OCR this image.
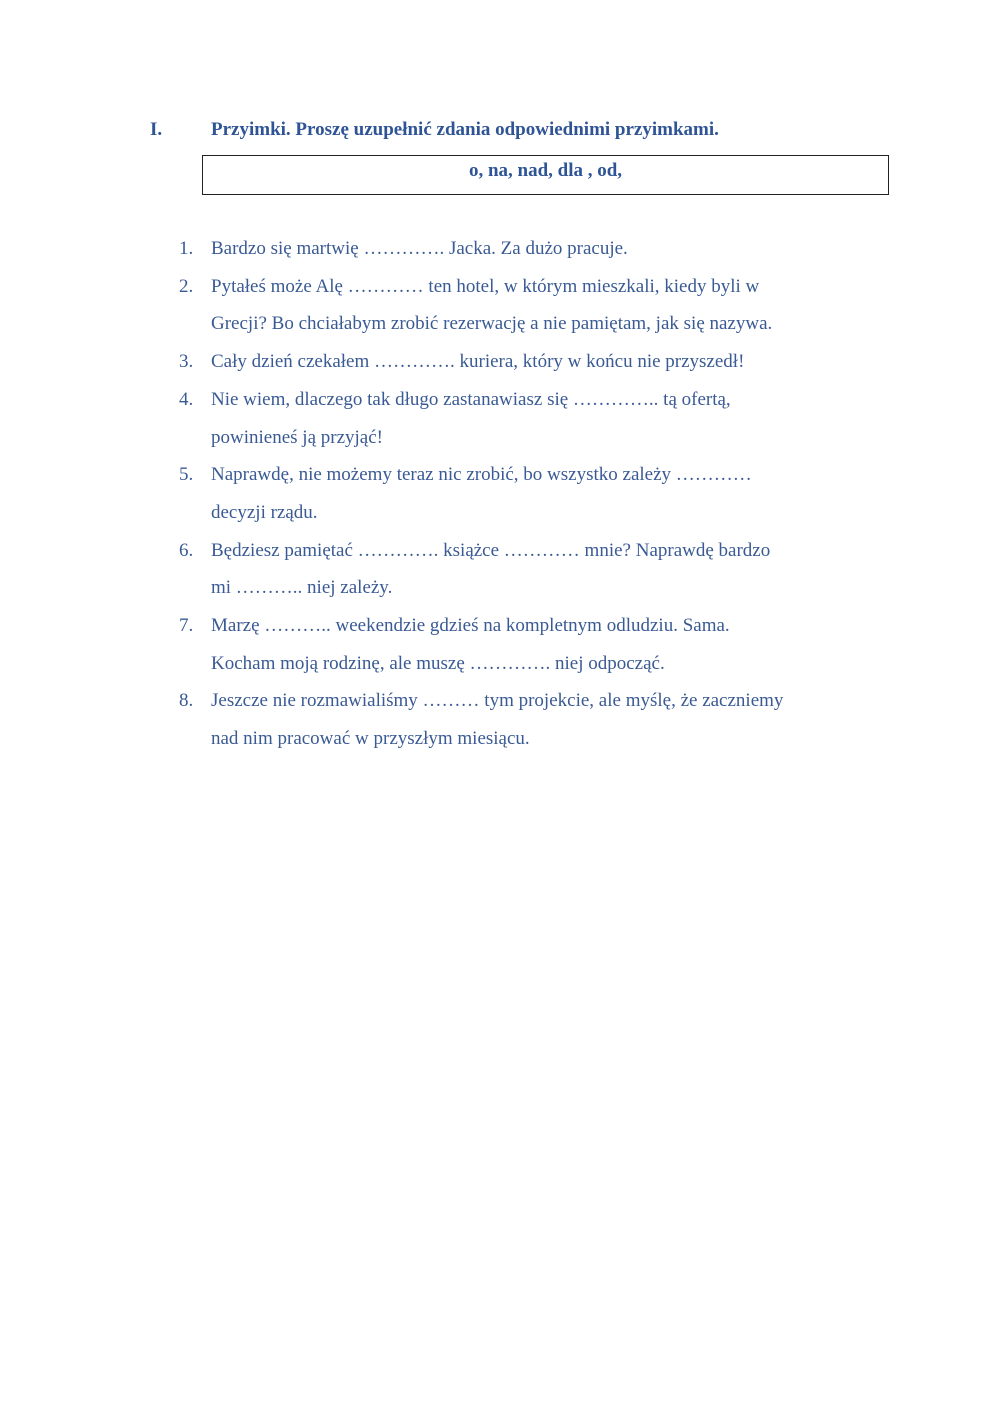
I.	Przyimki. Proszę uzupełnić zdania odpowiednimi przyimkami.
o, na, nad, dla , od,
1. Bardzo się martwię …………. Jacka. Za dużo pracuje.
2. Pytałeś może Alę ………… ten hotel, w którym mieszkali, kiedy byli w
Grecji? Bo chciałabym zrobić rezerwację a nie pamiętam, jak się nazywa.
3. Cały dzień czekałem …………. kuriera, który w końcu nie przyszedł!
4. Nie wiem, dlaczego tak długo zastanawiasz się ………….. tą ofertą,
powinieneś ją przyjąć!
5. Naprawdę, nie możemy teraz nic zrobić, bo wszystko zależy …………
decyzji rządu.
6. Będziesz pamiętać …………. książce ………… mnie? Naprawdę bardzo
mi ……….. niej zależy.
7. Marzę ……….. weekendzie gdzieś na kompletnym odludziu. Sama.
Kocham moją rodzinę, ale muszę …………. niej odpocząć.
8. Jeszcze nie rozmawialiśmy ……… tym projekcie, ale myślę, że zaczniemy
nad nim pracować w przyszłym miesiącu.
